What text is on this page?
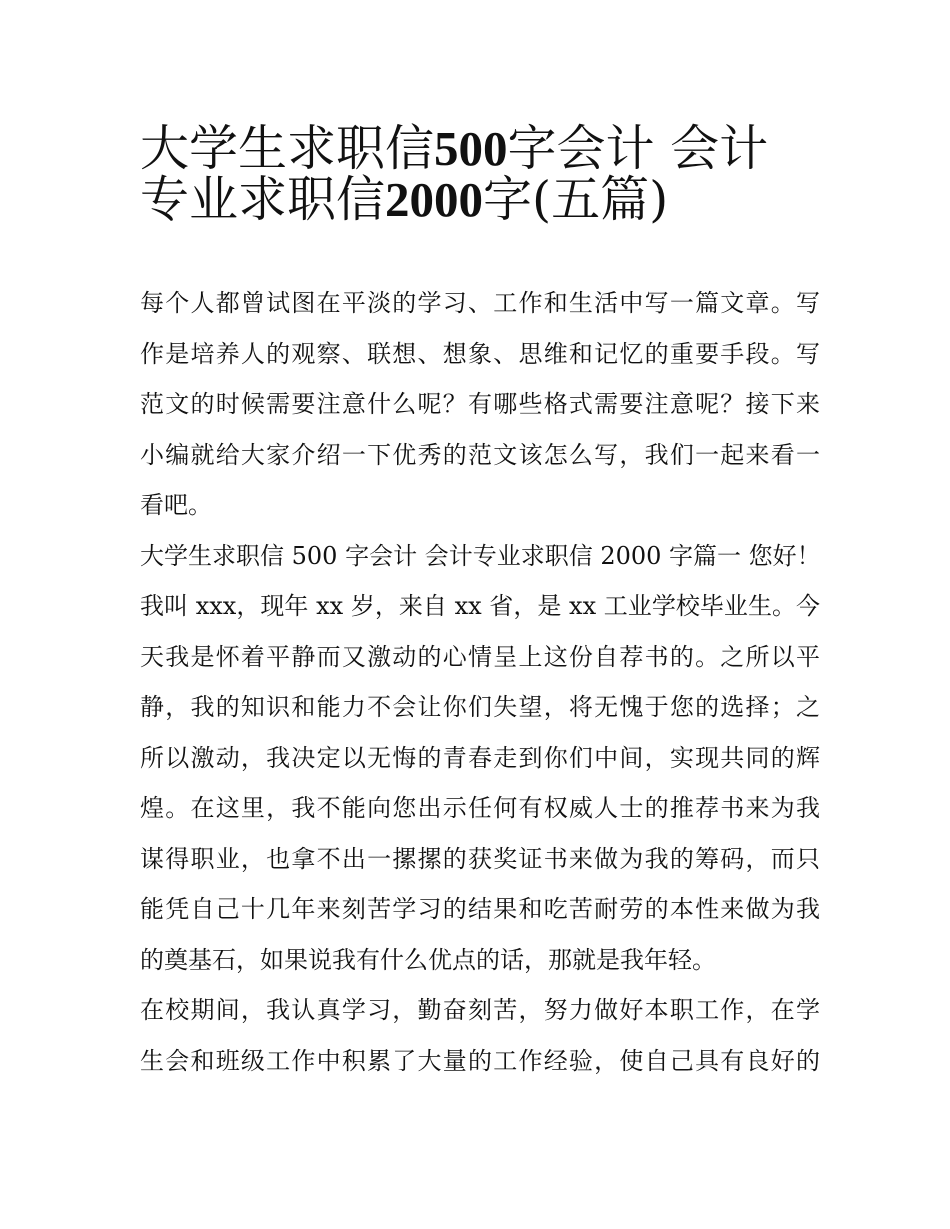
大学生求职信500字会计 会计
专业求职信2000字(五篇)
每个人都曾试图在平淡的学习、工作和生活中写一篇文章。写
作是培养人的观察、联想、想象、思维和记忆的重要手段。写
范文的时候需要注意什么呢？有哪些格式需要注意呢？接下来
小编就给大家介绍一下优秀的范文该怎么写，我们一起来看一
看吧。
大学生求职信 500 字会计 会计专业求职信 2000 字篇一 您好！
我叫 xxx，现年 xx 岁，来自 xx 省，是 xx 工业学校毕业生。今
天我是怀着平静而又激动的心情呈上这份自荐书的。之所以平
静，我的知识和能力不会让你们失望，将无愧于您的选择；之
所以激动，我决定以无悔的青春走到你们中间，实现共同的辉
煌。在这里，我不能向您出示任何有权威人士的推荐书来为我
谋得职业，也拿不出一摞摞的获奖证书来做为我的筹码，而只
能凭自己十几年来刻苦学习的结果和吃苦耐劳的本性来做为我
的奠基石，如果说我有什么优点的话，那就是我年轻。
在校期间，我认真学习，勤奋刻苦，努力做好本职工作，在学
生会和班级工作中积累了大量的工作经验，使自己具有良好的
